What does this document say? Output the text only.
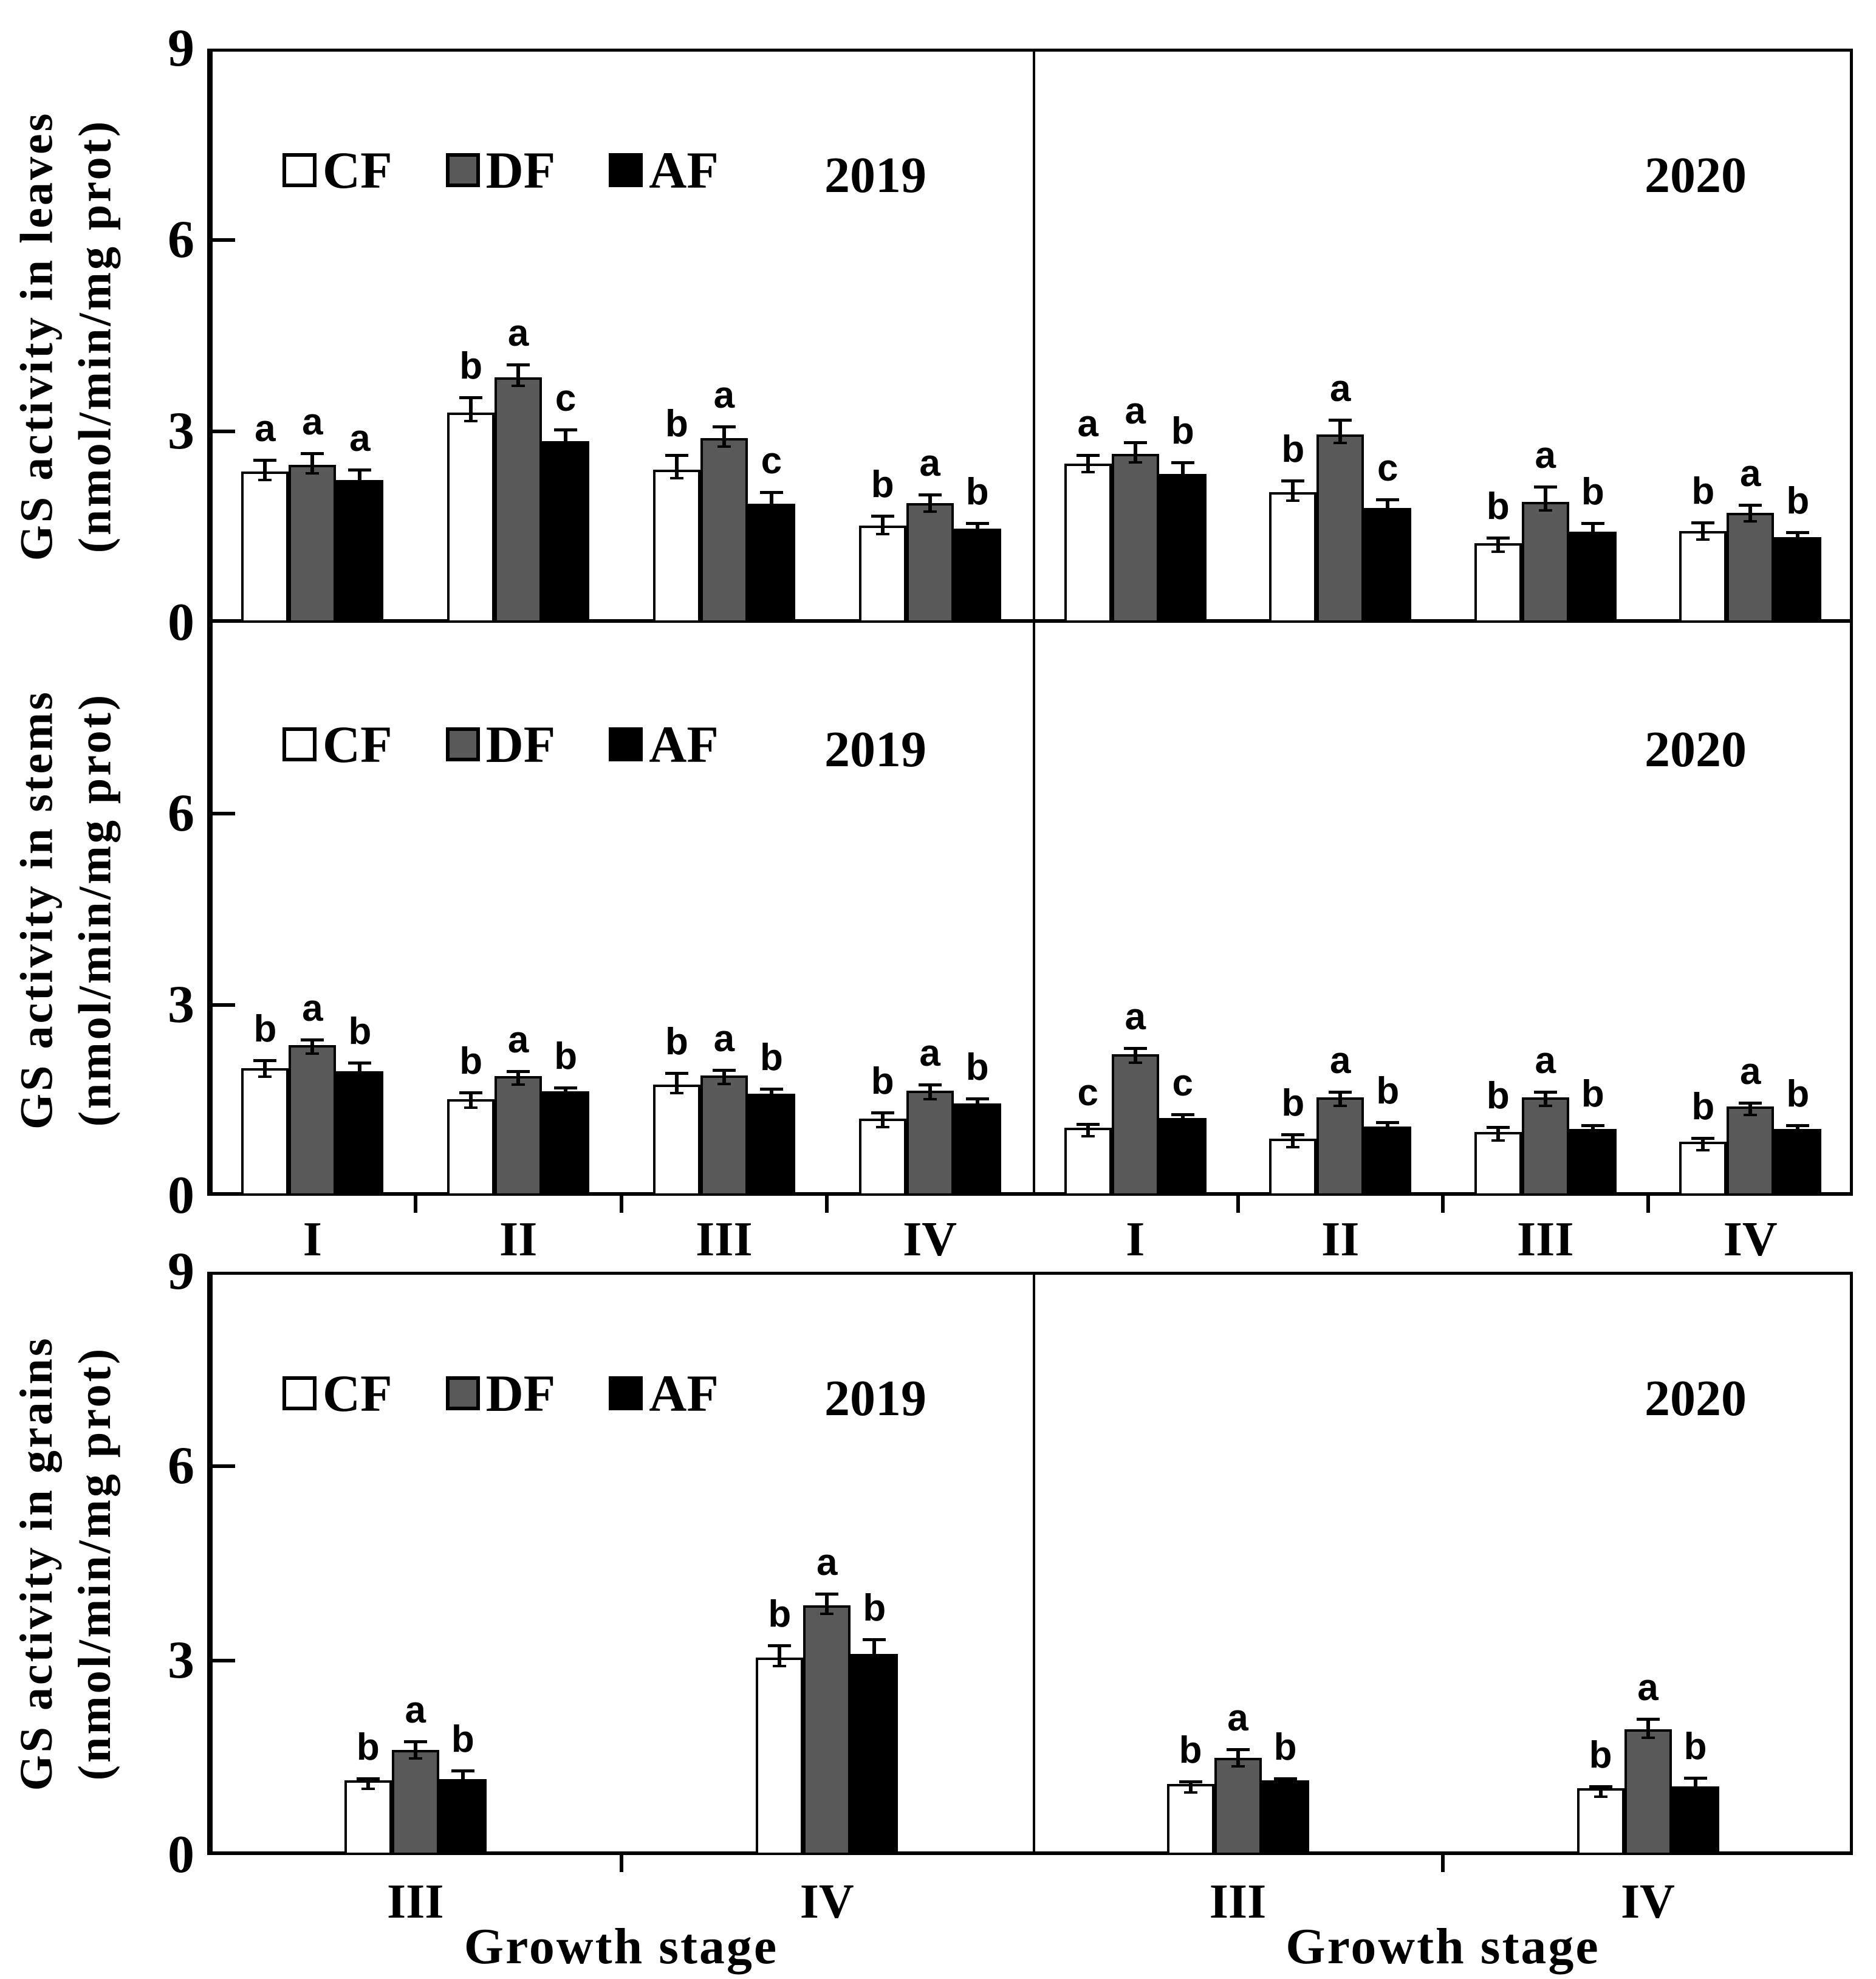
CF DF AF 2019
a a a
b
a
c
b
a
c
b
a
b
2020
a a b	b
a
c
b
a
b	b a
b
9
6
3
0
GS activity in leaves (nmol/min/mg prot)
CF DF AF 2019
b a
b
b
a b	b a b
b
a b
2020
c
a
c	b
a
b	b
a
b	b
a
b
6
3
0
GS activity in stems (nmol/min/mg prot)
I	II	III	IV	I	II	III	IV
CF DF AF 2019
b
a
b
b
a
b
2020
b
a
b	b
a
b
9
6
3
0
GS activity in grains (nmol/min/mg prot)
III	IV
Growth stage
III	IV
Growth stage
